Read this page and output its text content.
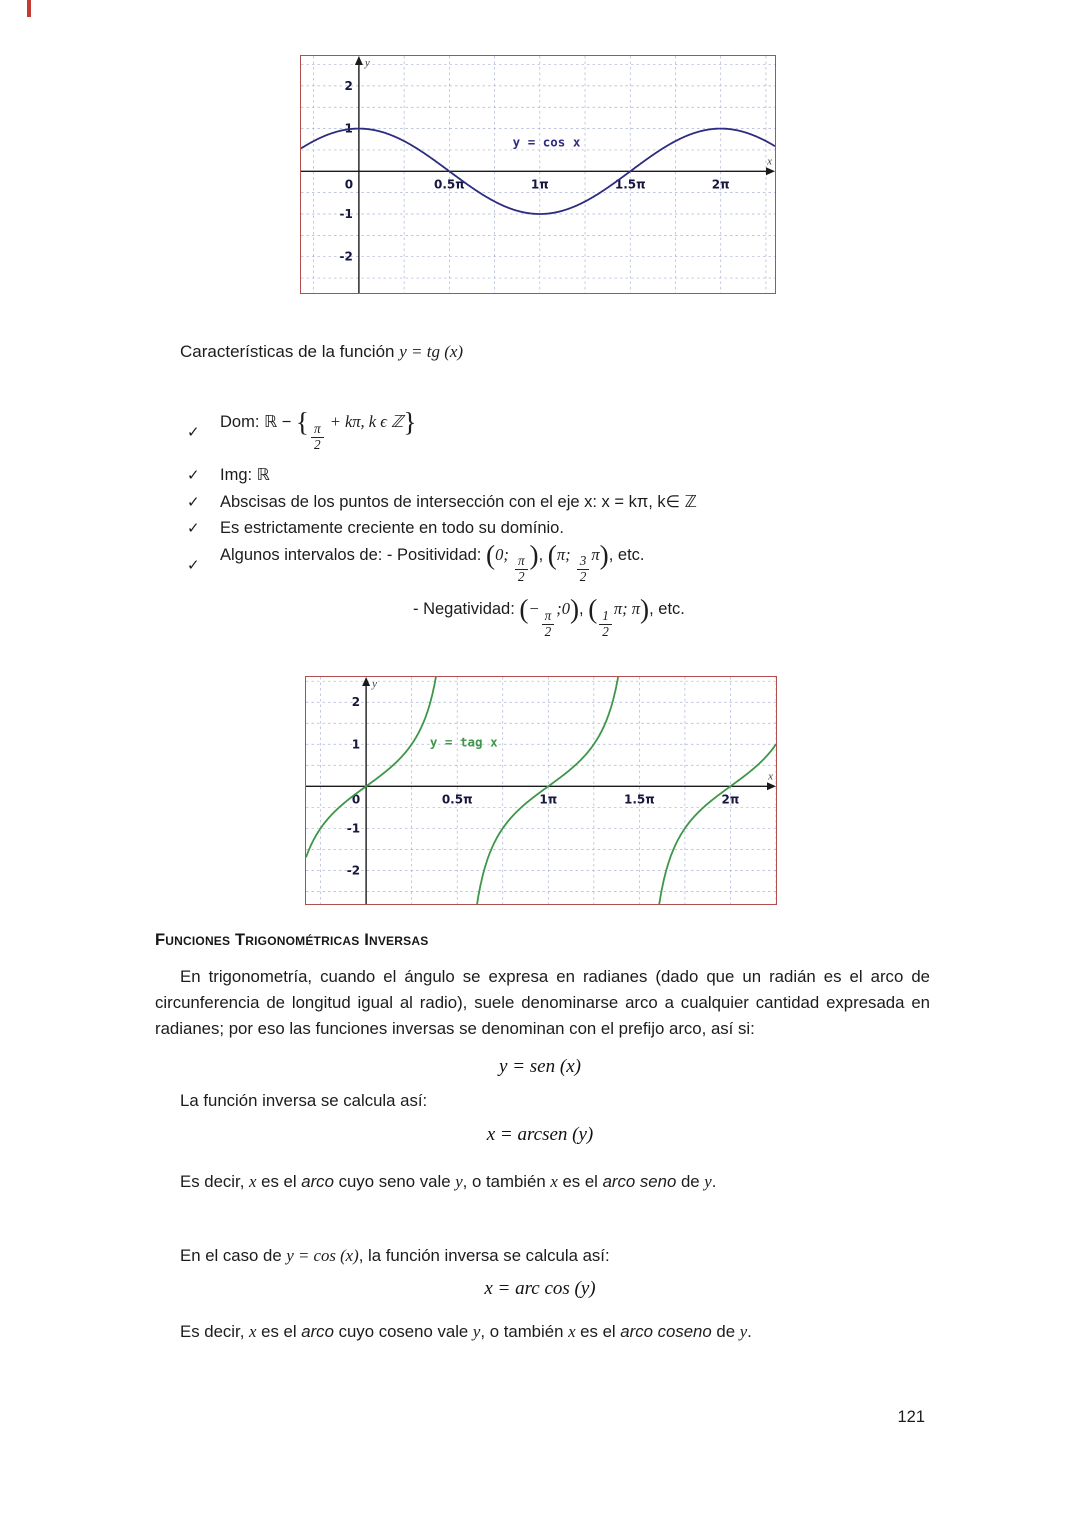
y
x
0.5π	1π	1.5π	2π
2
1
-1
-2
0
y = cos x
Características de la función y = tg (x)
✓
Dom: ℝ − { $\frac{\pi}{2}$
+ kπ, k ϵ ℤ}
✓	Img: ℝ
✓	Abscisas de los puntos de intersección con el eje x: x = kπ, k∈ ℤ
✓	Es estrictamente creciente en todo su domínio.
✓
Algunos intervalos de: - Positividad: (0;
$\frac{\pi}{2}$ ), (π;
$\frac{3}{2}$
π), etc.
- Negatividad: (−
$\frac{\pi}{2}$
;0), ( $\frac{1}{2}$
π; π), etc.
y
x
0.5π	1π	1.5π	2π
2
1
-1
-2
0
y = tag x
Funciones Trigonométricas Inversas
En trigonometría, cuando el ángulo se expresa en radianes (dado que un radián es el arco de circunferencia de longitud igual al radio), suele denominarse arco a cualquier cantidad expresada en radianes; por eso las funciones inversas se denominan con el prefijo arco, así si:
y = sen (x)
La función inversa se calcula así:
x = arcsen (y)
Es decir, x es el arco cuyo seno vale y, o también x es el arco seno de y.
En el caso de y = cos (x), la función inversa se calcula así:
x = arc cos (y)
Es decir, x es el arco cuyo coseno vale y, o también x es el arco coseno de y.
121
